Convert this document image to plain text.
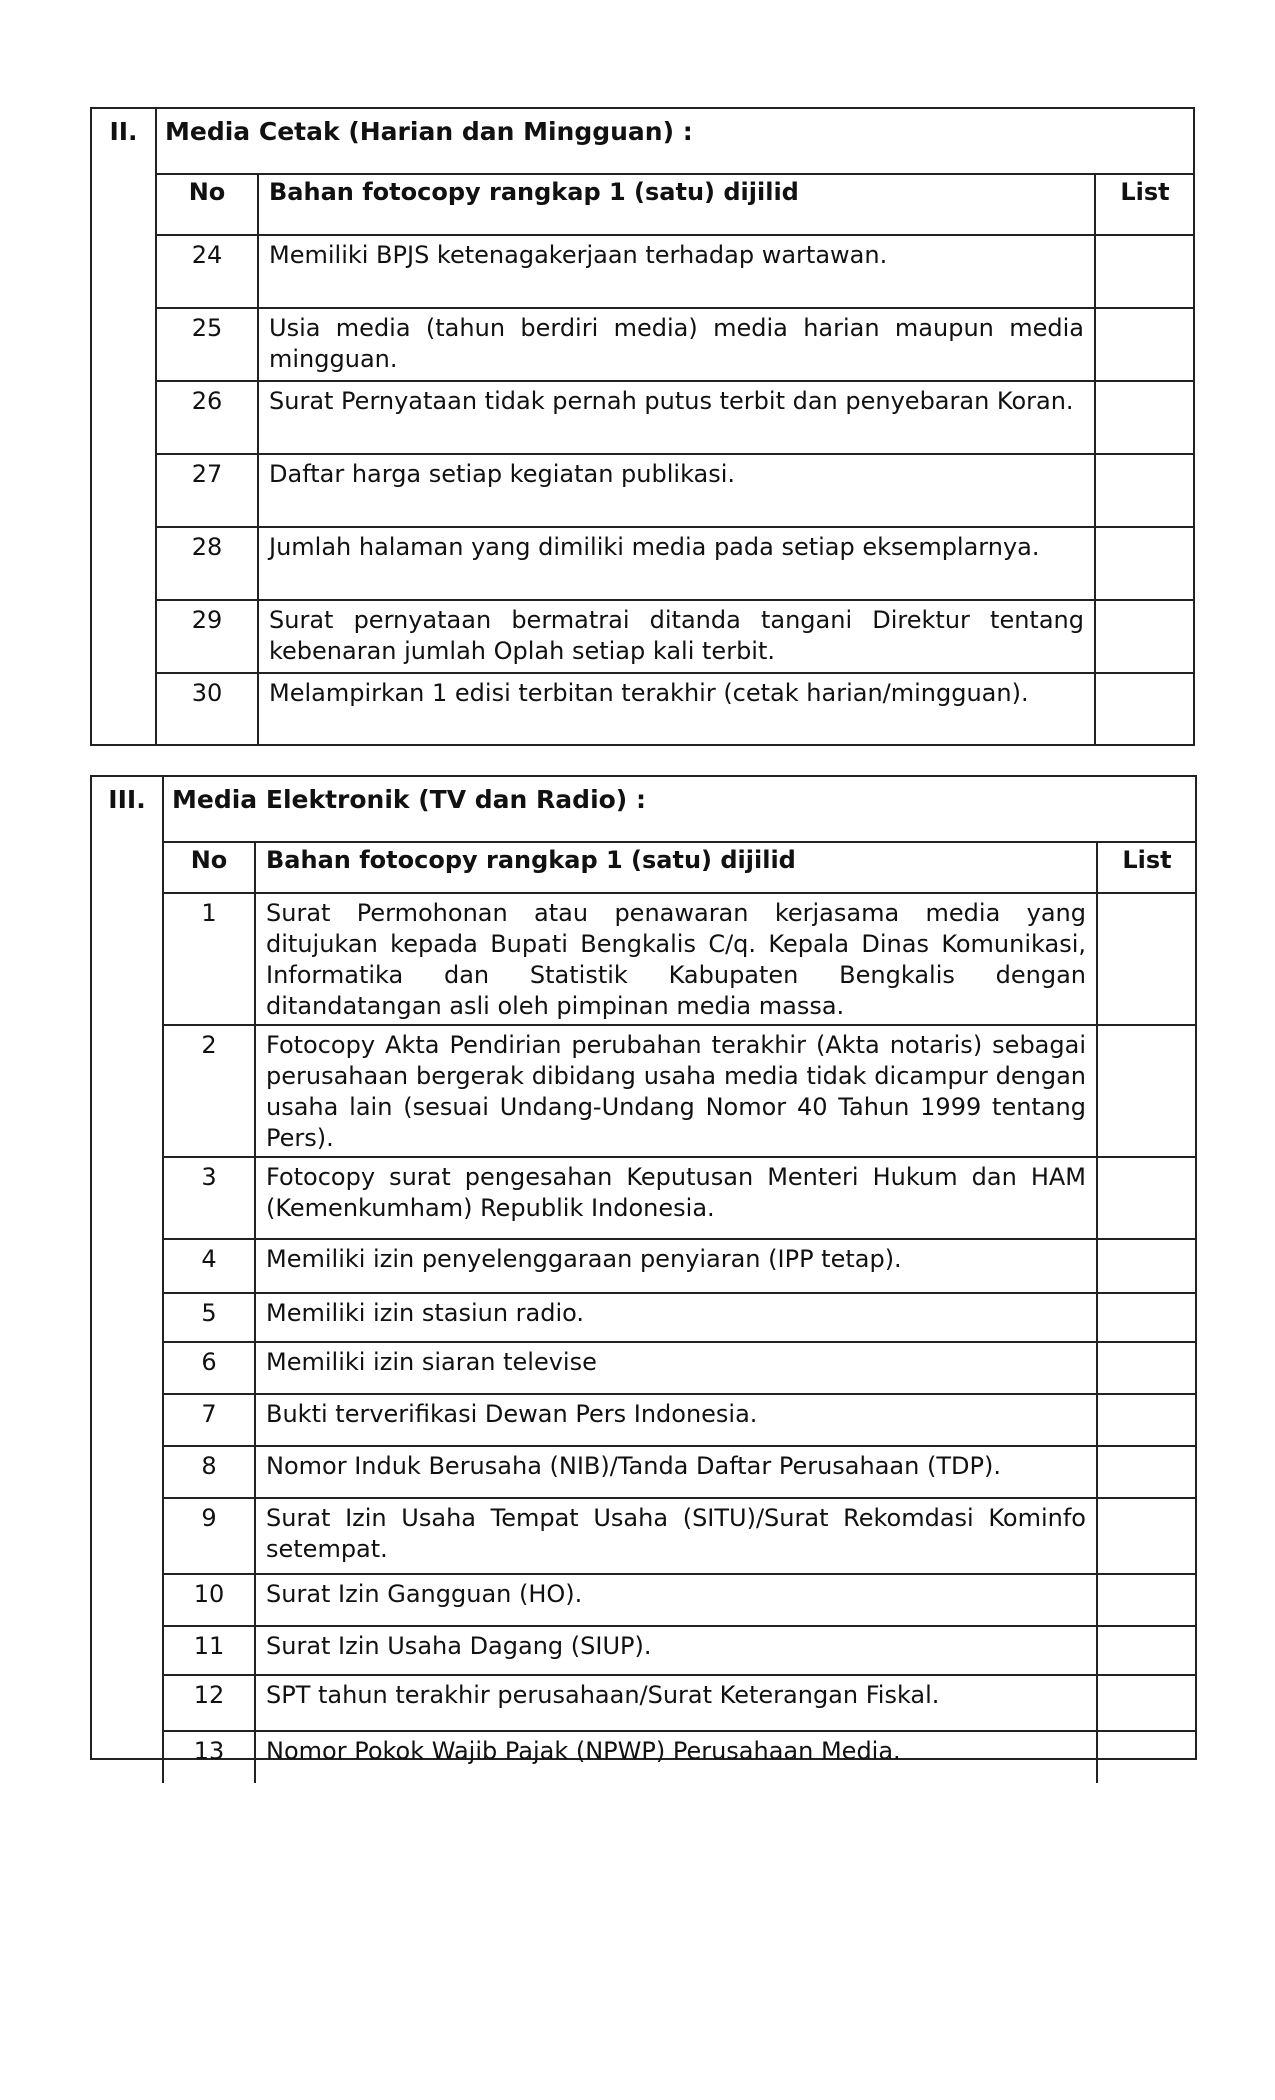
II.	Media Cetak (Harian dan Mingguan) :
No	Bahan fotocopy rangkap 1 (satu) dijilid	List
24	Memiliki BPJS ketenagakerjaan terhadap wartawan.	
25	Usia media (tahun berdiri media) media harian maupun media mingguan.	
26	Surat Pernyataan tidak pernah putus terbit dan penyebaran Koran.	
27	Daftar harga setiap kegiatan publikasi.	
28	Jumlah halaman yang dimiliki media pada setiap eksemplarnya.	
29	Surat pernyataan bermatrai ditanda tangani Direktur tentang kebenaran jumlah Oplah setiap kali terbit.	
30	Melampirkan 1 edisi terbitan terakhir (cetak harian/mingguan).	
III.	Media Elektronik (TV dan Radio) :
No	Bahan fotocopy rangkap 1 (satu) dijilid	List
1	Surat Permohonan atau penawaran kerjasama media yang ditujukan kepada Bupati Bengkalis C/q. Kepala Dinas Komunikasi, Informatika dan Statistik Kabupaten Bengkalis dengan ditandatangan asli oleh pimpinan media massa.	
2	Fotocopy Akta Pendirian perubahan terakhir (Akta notaris) sebagai perusahaan bergerak dibidang usaha media tidak dicampur dengan usaha lain (sesuai Undang-Undang Nomor 40 Tahun 1999 tentang Pers).	
3	Fotocopy surat pengesahan Keputusan Menteri Hukum dan HAM (Kemenkumham) Republik Indonesia.	
4	Memiliki izin penyelenggaraan penyiaran (IPP tetap).	
5	Memiliki izin stasiun radio.	
6	Memiliki izin siaran televise	
7	Bukti terverifikasi Dewan Pers Indonesia.	
8	Nomor Induk Berusaha (NIB)/Tanda Daftar Perusahaan (TDP).	
9	Surat Izin Usaha Tempat Usaha (SITU)/Surat Rekomdasi Kominfo setempat.	
10	Surat Izin Gangguan (HO).	
11	Surat Izin Usaha Dagang (SIUP).	
12	SPT tahun terakhir perusahaan/Surat Keterangan Fiskal.	
13	Nomor Pokok Wajib Pajak (NPWP) Perusahaan Media.	
